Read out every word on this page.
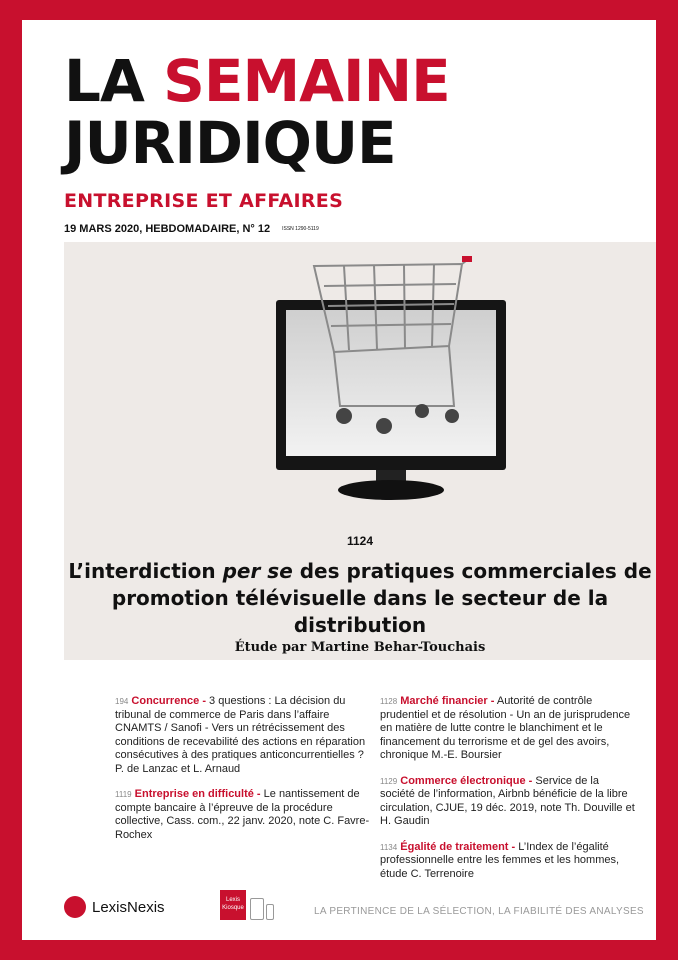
LA SEMAINE
JURIDIQUE
ENTREPRISE ET AFFAIRES
19 MARS 2020, HEBDOMADAIRE, N° 12 ISSN 1290-5119
1124
L’interdiction per se des pratiques commerciales de promotion télévisuelle dans le secteur de la distribution
Étude par Martine Behar-Touchais
194 Concurrence - 3 questions : La décision du tribunal de commerce de Paris dans l’affaire CNAMTS / Sanofi - Vers un rétrécissement des conditions de recevabilité des actions en réparation consécutives à des pratiques anticoncurrentielles ? P. de Lanzac et L. Arnaud
1119 Entreprise en difficulté - Le nantissement de compte bancaire à l’épreuve de la procédure collective, Cass. com., 22 janv. 2020, note C. Favre-Rochex
1128 Marché financier - Autorité de contrôle prudentiel et de résolution - Un an de jurisprudence en matière de lutte contre le blanchiment et le financement du terrorisme et de gel des avoirs, chronique M.-E. Boursier
1129 Commerce électronique - Service de la société de l’information, Airbnb bénéficie de la libre circulation, CJUE, 19 déc. 2019, note Th. Douville et H. Gaudin
1134 Égalité de traitement - L’Index de l’égalité professionnelle entre les femmes et les hommes, étude C. Terrenoire
LexisNexis	Lexis
Kiosque	LA PERTINENCE DE LA SÉLECTION, LA FIABILITÉ DES ANALYSES
